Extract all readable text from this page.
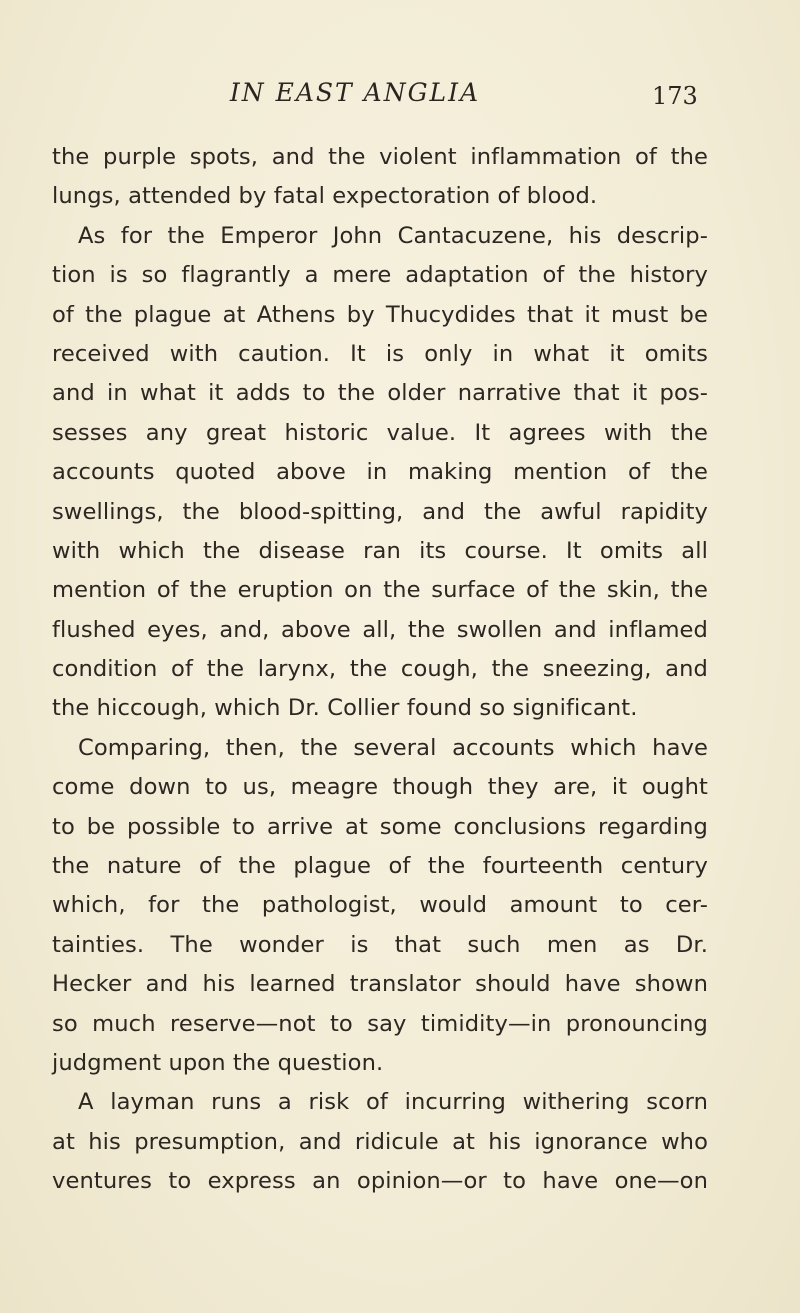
IN EAST ANGLIA	173
the purple spots, and the violent inflammation of the
lungs, attended by fatal expectoration of blood.
As for the Emperor John Cantacuzene, his descrip-
tion is so flagrantly a mere adaptation of the history
of the plague at Athens by Thucydides that it must be
received with caution. It is only in what it omits
and in what it adds to the older narrative that it pos-
sesses any great historic value. It agrees with the
accounts quoted above in making mention of the
swellings, the blood-spitting, and the awful rapidity
with which the disease ran its course. It omits all
mention of the eruption on the surface of the skin, the
flushed eyes, and, above all, the swollen and inflamed
condition of the larynx, the cough, the sneezing, and
the hiccough, which Dr. Collier found so significant.
Comparing, then, the several accounts which have
come down to us, meagre though they are, it ought
to be possible to arrive at some conclusions regarding
the nature of the plague of the fourteenth century
which, for the pathologist, would amount to cer-
tainties. The wonder is that such men as Dr.
Hecker and his learned translator should have shown
so much reserve—not to say timidity—in pronouncing
judgment upon the question.
A layman runs a risk of incurring withering scorn
at his presumption, and ridicule at his ignorance who
ventures to express an opinion—or to have one—on
